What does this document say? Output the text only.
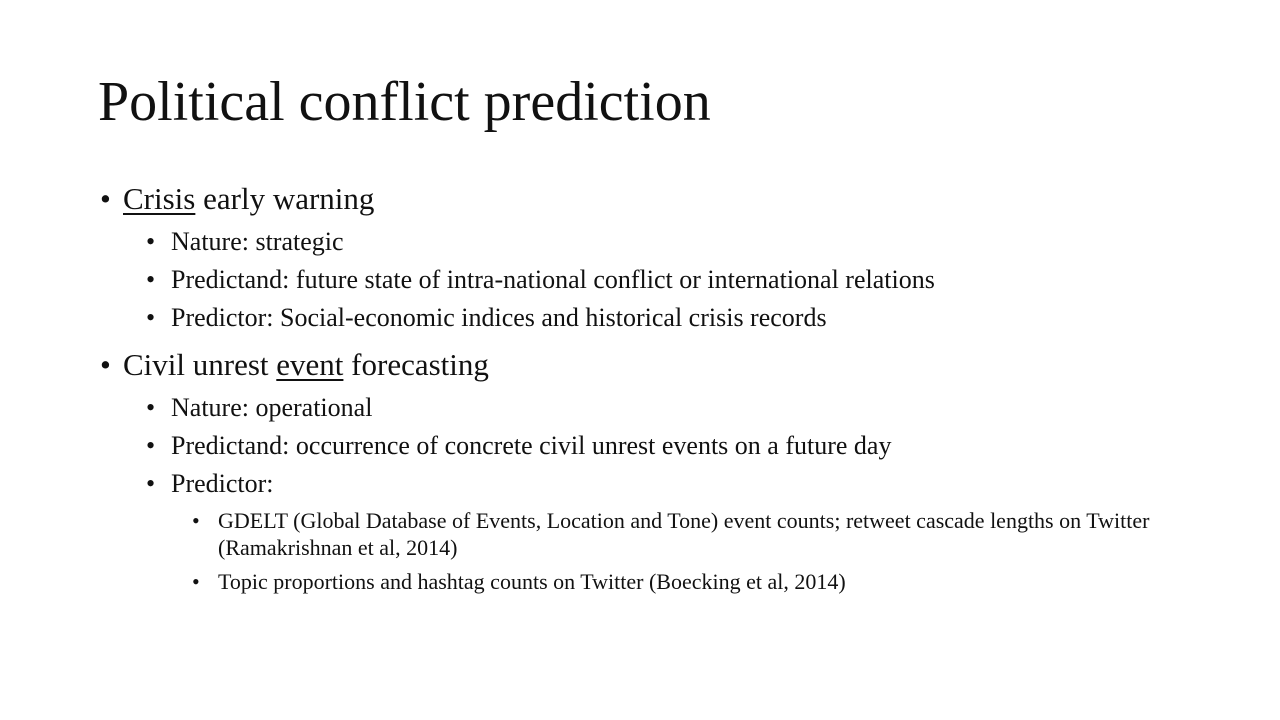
Political conflict prediction
• Crisis early warning
• Nature: strategic
• Predictand: future state of intra-national conflict or international relations
• Predictor: Social-economic indices and historical crisis records
• Civil unrest event forecasting
• Nature: operational
• Predictand: occurrence of concrete civil unrest events on a future day
• Predictor:
• GDELT (Global Database of Events, Location and Tone) event counts; retweet cascade lengths on Twitter (Ramakrishnan et al, 2014)
• Topic proportions and hashtag counts on Twitter (Boecking et al, 2014)
